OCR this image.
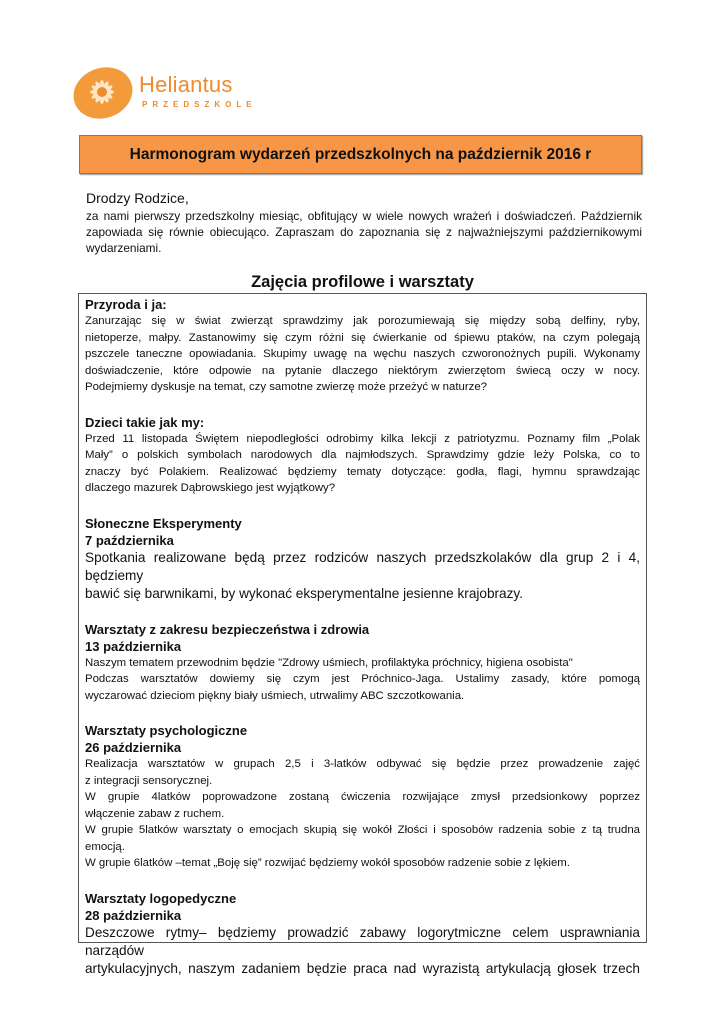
Heliantus
PRZEDSZKOLE
Harmonogram wydarzeń przedszkolnych na październik 2016 r
Drodzy Rodzice,
za nami pierwszy przedszkolny miesiąc, obfitujący w wiele nowych wrażeń i doświadczeń. Październik
zapowiada się równie obiecująco. Zapraszam do zapoznania się z najważniejszymi październikowymi
wydarzeniami.
Zajęcia profilowe i warsztaty
Przyroda i ja:
Zanurzając się w świat zwierząt sprawdzimy jak porozumiewają się między sobą delfiny, ryby,
nietoperze, małpy. Zastanowimy się czym różni się ćwierkanie od śpiewu ptaków, na czym polegają
pszczele taneczne opowiadania. Skupimy uwagę na węchu naszych czworonożnych pupili. Wykonamy
doświadczenie, które odpowie na pytanie dlaczego niektórym zwierzętom świecą oczy w nocy.
Podejmiemy dyskusje na temat, czy samotne zwierzę może przeżyć w naturze?
Dzieci takie jak my:
Przed 11 listopada Świętem niepodległości odrobimy kilka lekcji z patriotyzmu. Poznamy film „Polak
Mały” o polskich symbolach narodowych dla najmłodszych. Sprawdzimy gdzie leży Polska, co to
znaczy być Polakiem. Realizować będziemy tematy dotyczące: godła, flagi, hymnu sprawdzając
dlaczego mazurek Dąbrowskiego jest wyjątkowy?
Słoneczne Eksperymenty
7 października
Spotkania realizowane będą przez rodziców naszych przedszkolaków dla grup 2 i 4, będziemy
bawić się barwnikami, by wykonać eksperymentalne jesienne krajobrazy.
Warsztaty z zakresu bezpieczeństwa i zdrowia
13 października
Naszym tematem przewodnim będzie "Zdrowy uśmiech, profilaktyka próchnicy, higiena osobista"
Podczas warsztatów dowiemy się czym jest Próchnico-Jaga. Ustalimy zasady, które pomogą
wyczarować dzieciom piękny biały uśmiech, utrwalimy ABC szczotkowania.
Warsztaty psychologiczne
26 października
Realizacja warsztatów w grupach 2,5 i 3-latków odbywać się będzie przez prowadzenie zajęć
z integracji sensorycznej.
W grupie 4latków poprowadzone zostaną ćwiczenia rozwijające zmysł przedsionkowy poprzez
włączenie zabaw z ruchem.
W grupie 5latków warsztaty o emocjach skupią się wokół Złości i sposobów radzenia sobie z tą trudna
emocją.
W grupie 6latków –temat „Boję się” rozwijać będziemy wokół sposobów radzenie sobie z lękiem.
Warsztaty logopedyczne
28 października
Deszczowe rytmy– będziemy prowadzić zabawy logorytmiczne celem usprawniania narządów
artykulacyjnych, naszym zadaniem będzie praca nad wyrazistą artykulacją głosek trzech
